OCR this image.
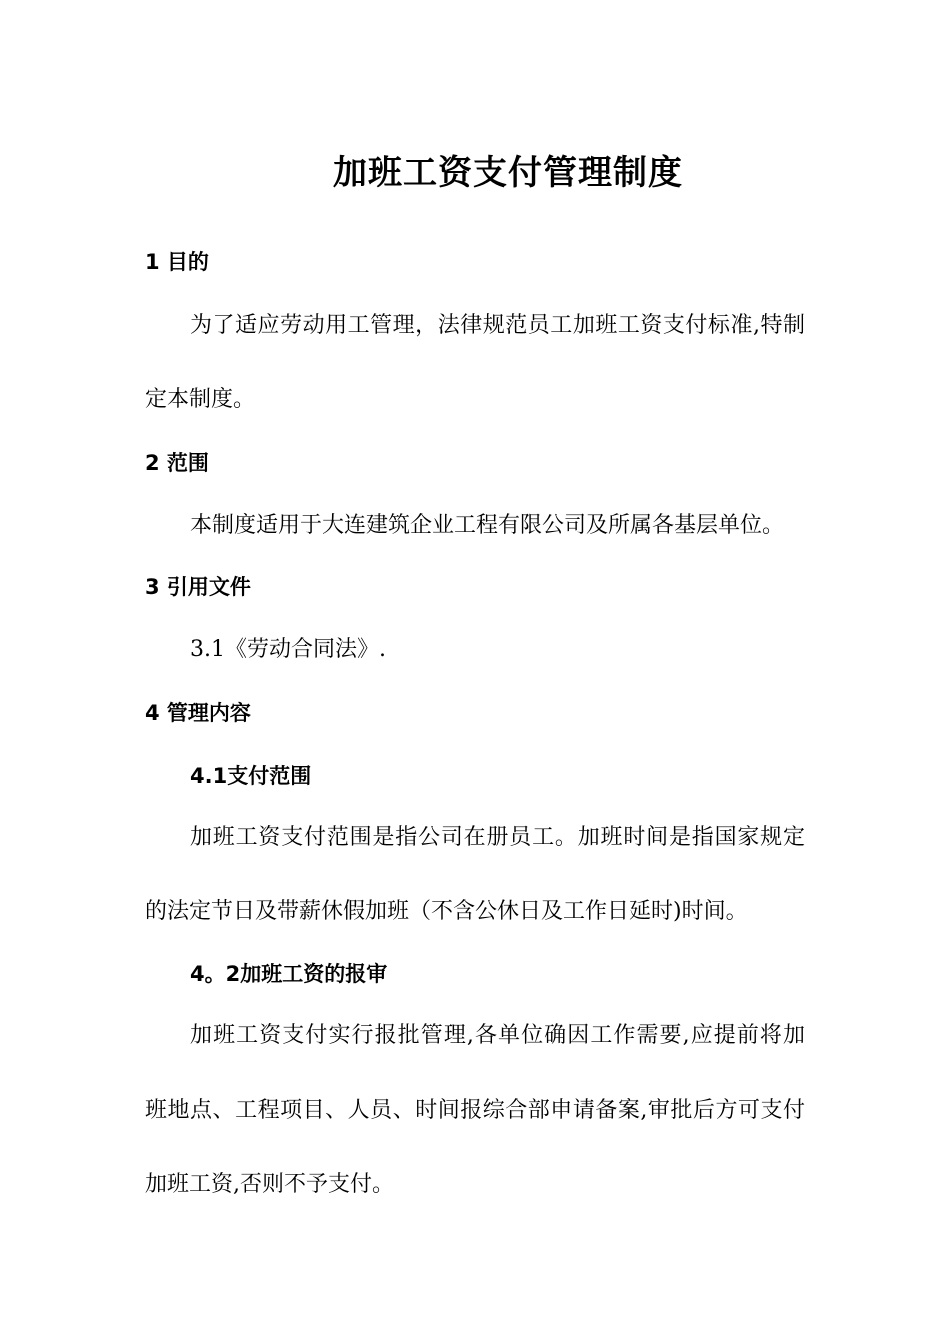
加班工资支付管理制度
1 目的
为了适应劳动用工管理，法律规范员工加班工资支付标准,特制
定本制度。
2 范围
本制度适用于大连建筑企业工程有限公司及所属各基层单位。
3 引用文件
3.1《劳动合同法》.
4 管理内容
4.1支付范围
加班工资支付范围是指公司在册员工。加班时间是指国家规定
的法定节日及带薪休假加班（不含公休日及工作日延时)时间。
4。2加班工资的报审
加班工资支付实行报批管理,各单位确因工作需要,应提前将加
班地点、工程项目、人员、时间报综合部申请备案,审批后方可支付
加班工资,否则不予支付。
